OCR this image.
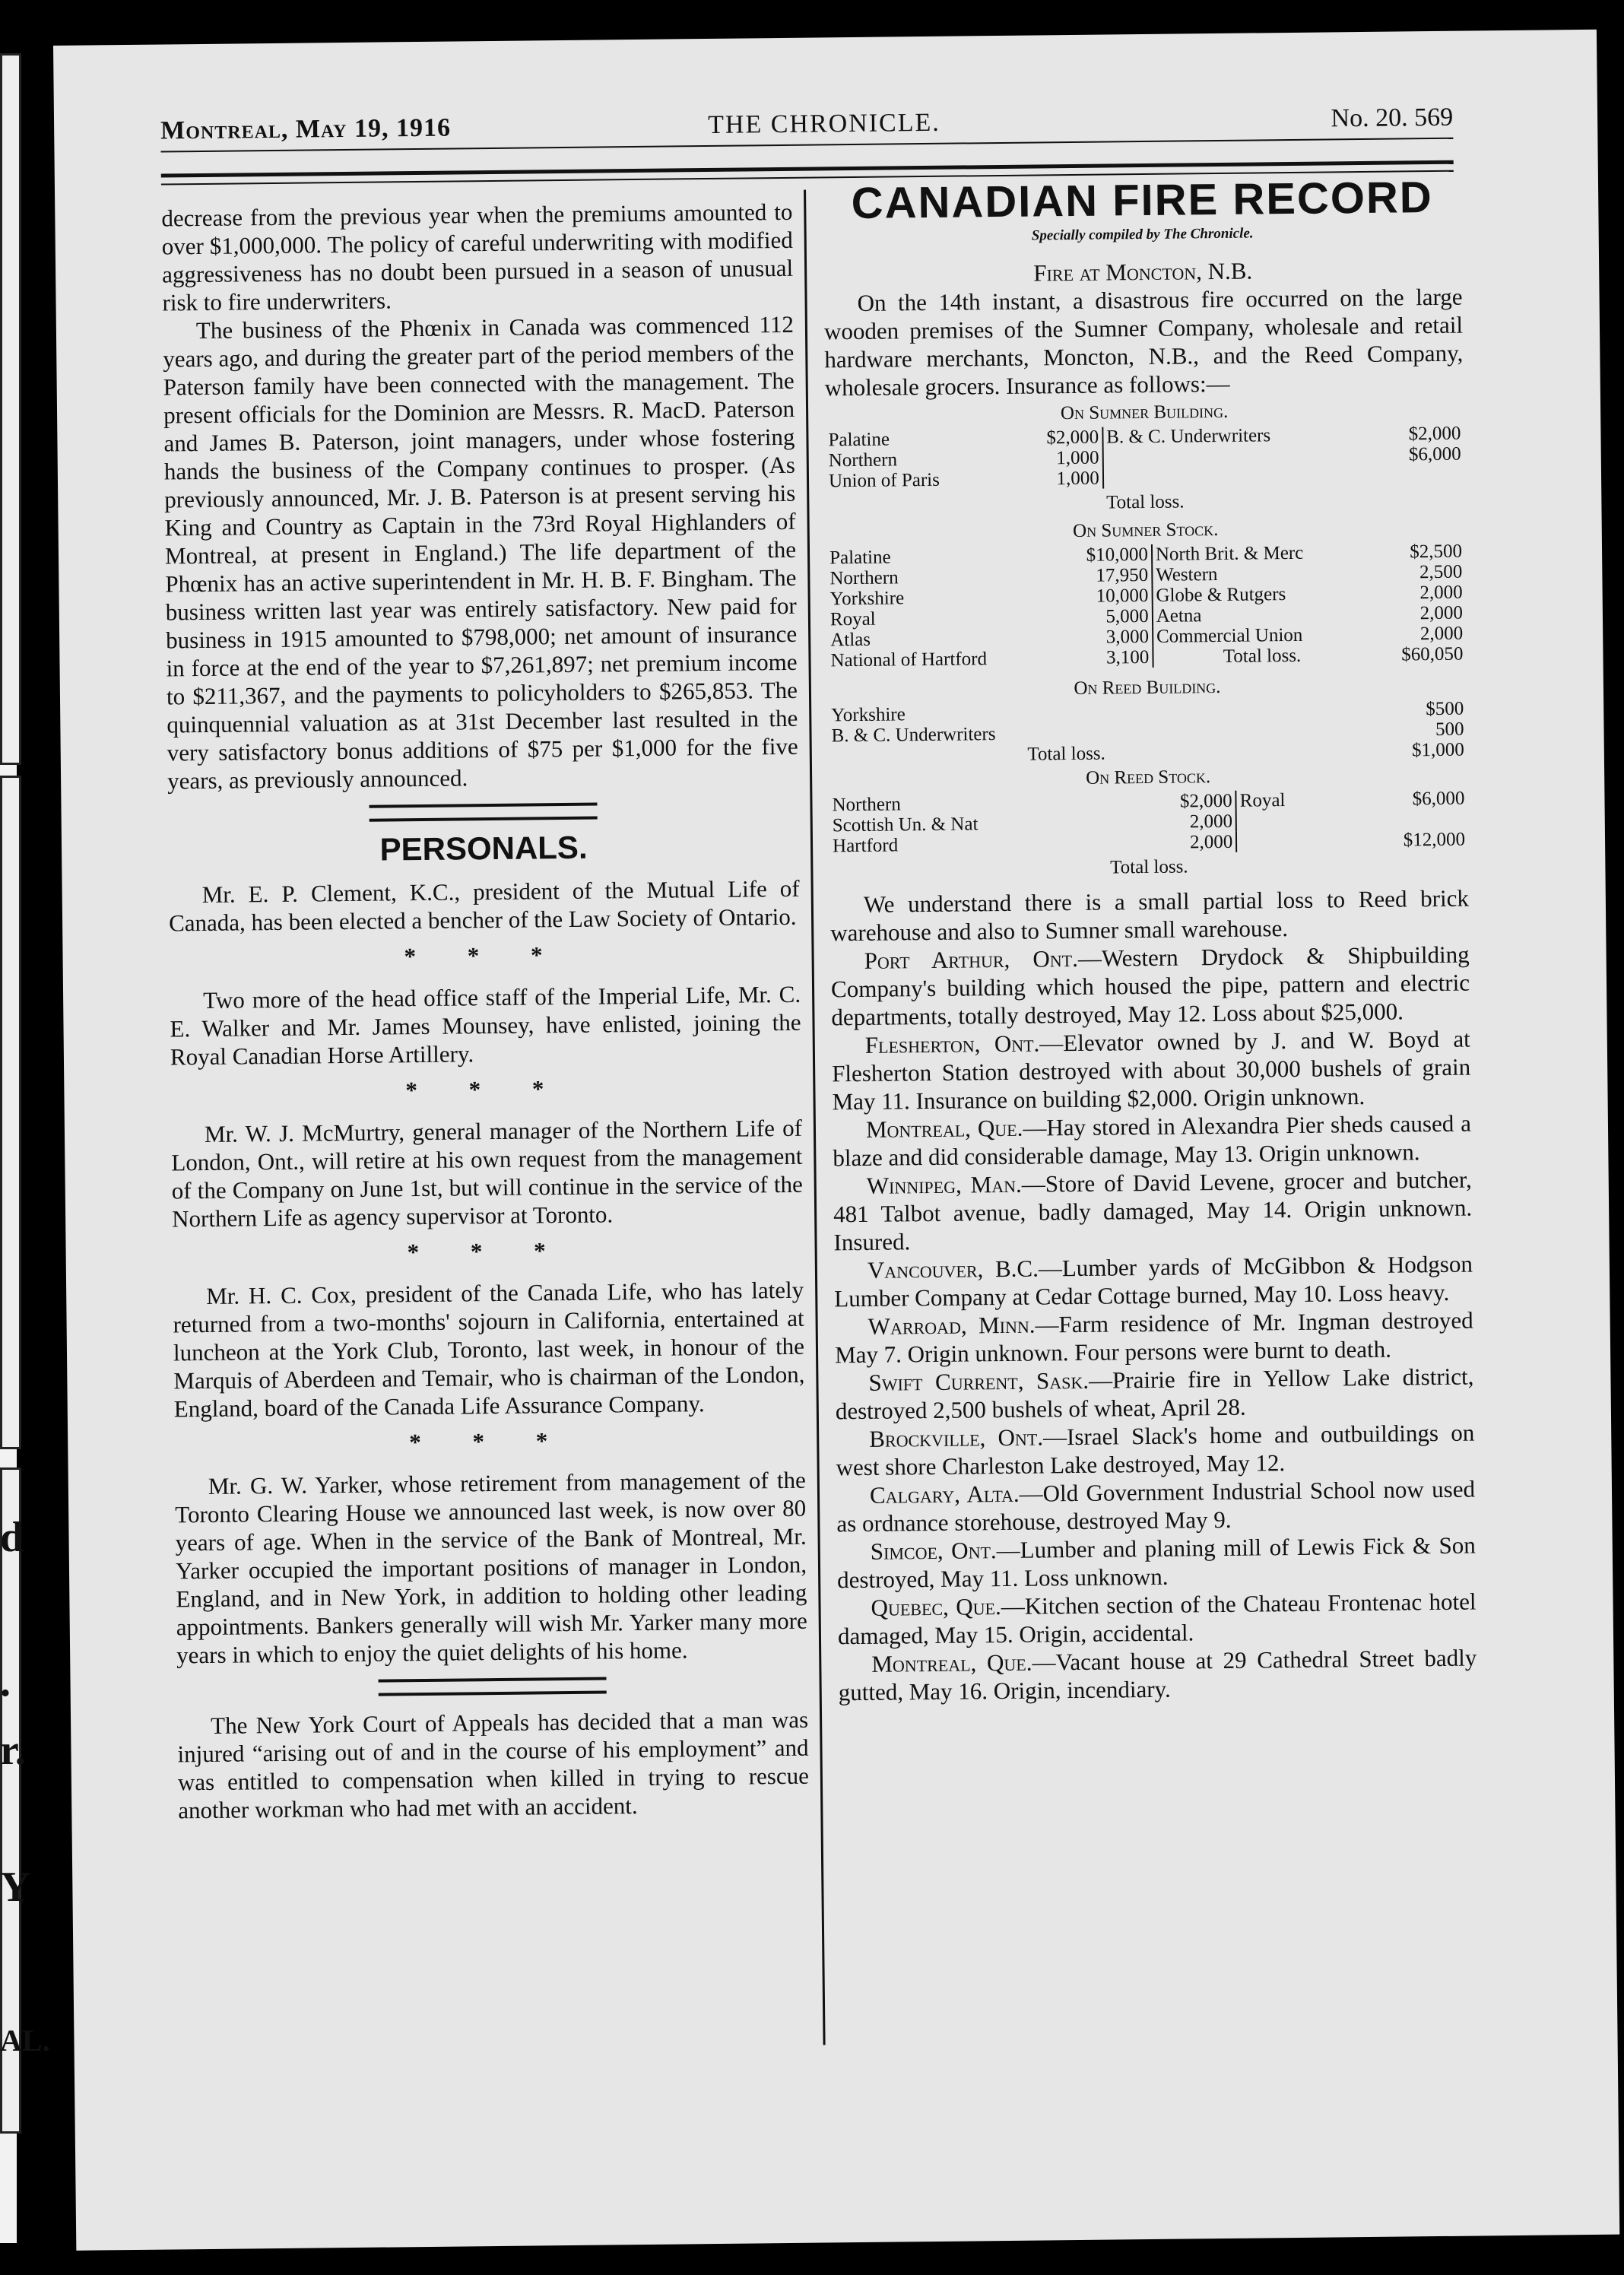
d
.
r.
Y
AL.
Montreal, May 19, 1916	THE CHRONICLE.	No. 20. 569

decrease from the previous year when the premiums amounted to over $1,000,000. The policy of careful underwriting with modified aggressiveness has no doubt been pursued in a season of unusual risk to fire underwriters.

The business of the Phœnix in Canada was commenced 112 years ago, and during the greater part of the period members of the Paterson family have been connected with the management. The present officials for the Dominion are Messrs. R. MacD. Paterson and James B. Paterson, joint managers, under whose fostering hands the business of the Company continues to prosper. (As previously announced, Mr. J. B. Paterson is at present serving his King and Country as Captain in the 73rd Royal Highlanders of Montreal, at present in England.) The life department of the Phœnix has an active superintendent in Mr. H. B. F. Bingham. The business written last year was entirely satisfactory. New paid for business in 1915 amounted to $798,000; net amount of insurance in force at the end of the year to $7,261,897; net premium income to $211,367, and the payments to policyholders to $265,853. The quinquennial valuation as at 31st December last resulted in the very satisfactory bonus additions of $75 per $1,000 for the five years, as previously announced.

PERSONALS.

Mr. E. P. Clement, K.C., president of the Mutual Life of Canada, has been elected a bencher of the Law Society of Ontario.

* * *

Two more of the head office staff of the Imperial Life, Mr. C. E. Walker and Mr. James Mounsey, have enlisted, joining the Royal Canadian Horse Artillery.

* * *

Mr. W. J. McMurtry, general manager of the Northern Life of London, Ont., will retire at his own request from the management of the Company on June 1st, but will continue in the service of the Northern Life as agency supervisor at Toronto.

* * *

Mr. H. C. Cox, president of the Canada Life, who has lately returned from a two-months' sojourn in California, entertained at luncheon at the York Club, Toronto, last week, in honour of the Marquis of Aberdeen and Temair, who is chairman of the London, England, board of the Canada Life Assurance Company.

* * *

Mr. G. W. Yarker, whose retirement from management of the Toronto Clearing House we announced last week, is now over 80 years of age. When in the service of the Bank of Montreal, Mr. Yarker occupied the important positions of manager in London, England, and in New York, in addition to holding other leading appointments. Bankers generally will wish Mr. Yarker many more years in which to enjoy the quiet delights of his home.

The New York Court of Appeals has decided that a man was injured “arising out of and in the course of his employment” and was entitled to compensation when killed in trying to rescue another workman who had met with an accident.

CANADIAN FIRE RECORD
Specially compiled by The Chronicle.
Fire at Moncton, N.B.

On the 14th instant, a disastrous fire occurred on the large wooden premises of the Sumner Company, wholesale and retail hardware merchants, Moncton, N.B., and the Reed Company, wholesale grocers. Insurance as follows:—

On Sumner Building.
Palatine	$2,000	B. & C. Underwriters	$2,000
Northern	1,000		$6,000
Union of Paris	1,000		
Total loss.
On Sumner Stock.
Palatine	$10,000	North Brit. & Merc	$2,500
Northern	17,950	Western	2,500
Yorkshire	10,000	Globe & Rutgers	2,000
Royal	5,000	Aetna	2,000
Atlas	3,000	Commercial Union	2,000
National of Hartford	3,100	Total loss.	$60,050
On Reed Building.
Yorkshire	$500
B. & C. Underwriters	500
Total loss.	$1,000
On Reed Stock.
Northern	$2,000	Royal	$6,000
Scottish Un. & Nat	2,000		
Hartford	2,000		$12,000
Total loss.

We understand there is a small partial loss to Reed brick warehouse and also to Sumner small warehouse.

Port Arthur, Ont.—Western Drydock & Shipbuilding Company's building which housed the pipe, pattern and electric departments, totally destroyed, May 12. Loss about $25,000.

Flesherton, Ont.—Elevator owned by J. and W. Boyd at Flesherton Station destroyed with about 30,000 bushels of grain May 11. Insurance on building $2,000. Origin unknown.

Montreal, Que.—Hay stored in Alexandra Pier sheds caused a blaze and did considerable damage, May 13. Origin unknown.

Winnipeg, Man.—Store of David Levene, grocer and butcher, 481 Talbot avenue, badly damaged, May 14. Origin unknown. Insured.

Vancouver, B.C.—Lumber yards of McGibbon & Hodgson Lumber Company at Cedar Cottage burned, May 10. Loss heavy.

Warroad, Minn.—Farm residence of Mr. Ingman destroyed May 7. Origin unknown. Four persons were burnt to death.

Swift Current, Sask.—Prairie fire in Yellow Lake district, destroyed 2,500 bushels of wheat, April 28.

Brockville, Ont.—Israel Slack's home and outbuildings on west shore Charleston Lake destroyed, May 12.

Calgary, Alta.—Old Government Industrial School now used as ordnance storehouse, destroyed May 9.

Simcoe, Ont.—Lumber and planing mill of Lewis Fick & Son destroyed, May 11. Loss unknown.

Quebec, Que.—Kitchen section of the Chateau Frontenac hotel damaged, May 15. Origin, accidental.

Montreal, Que.—Vacant house at 29 Cathedral Street badly gutted, May 16. Origin, incendiary.
